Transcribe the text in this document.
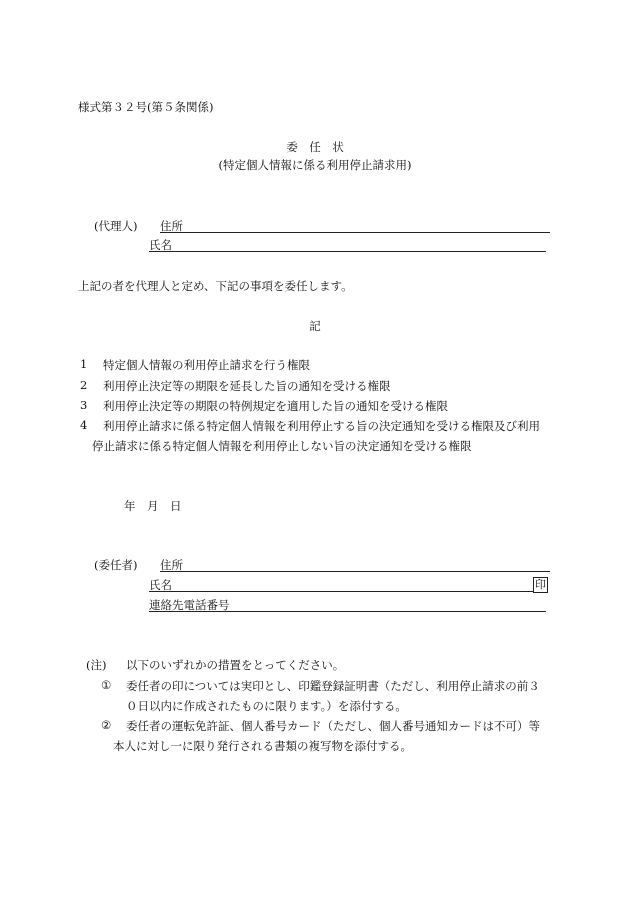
様式第３２号(第５条関係)
委　任　状
(特定個人情報に係る利用停止請求用)
(代理人) 住所
氏名
上記の者を代理人と定め、下記の事項を委任します。
記
1 特定個人情報の利用停止請求を行う権限
2 利用停止決定等の期限を延長した旨の通知を受ける権限
3 利用停止決定等の期限の特例規定を適用した旨の通知を受ける権限
4 利用停止請求に係る特定個人情報を利用停止する旨の決定通知を受ける権限及び利用
停止請求に係る特定個人情報を利用停止しない旨の決定通知を受ける権限
年　月　日
(委任者) 住所
氏名	印
連絡先電話番号
(注) 以下のいずれかの措置をとってください。
① 委任者の印については実印とし、印鑑登録証明書（ただし、利用停止請求の前３
０日以内に作成されたものに限ります。）を添付する。
② 委任者の運転免許証、個人番号カード（ただし、個人番号通知カードは不可）等
本人に対し一に限り発行される書類の複写物を添付する。
